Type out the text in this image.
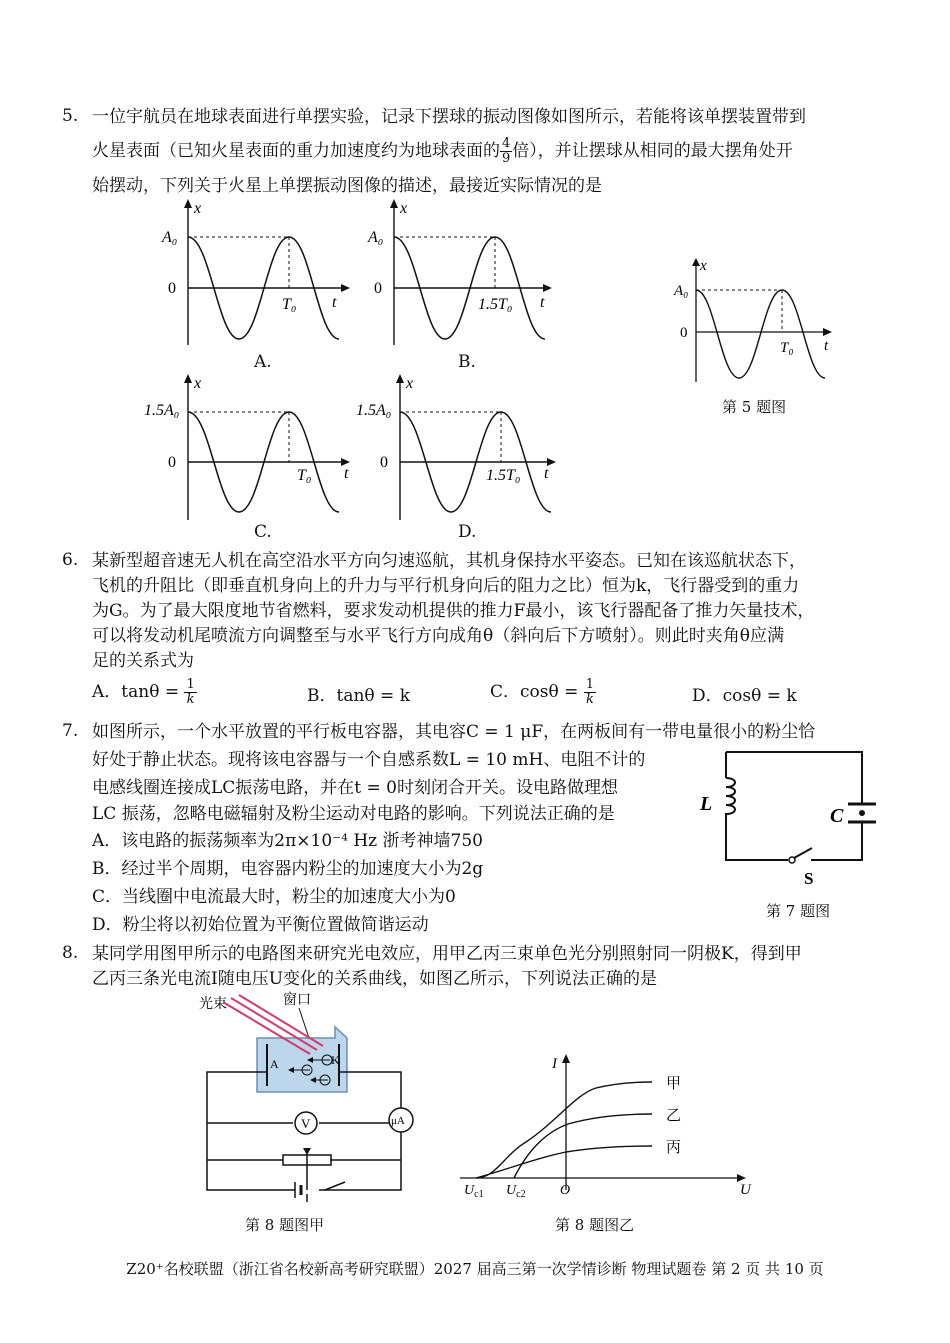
5. 一位宇航员在地球表面进行单摆实验，记录下摆球的振动图像如图所示，若能将该单摆装置带到
火星表面（已知火星表面的重力加速度约为地球表面的 $\frac{4}{9}$ 倍），并让摆球从相同的最大摆角处开
始摆动，下列关于火星上单摆振动图像的描述，最接近实际情况的是
x
A₀
0
T₀ t
A.
x
A₀
0
1.5T₀ t
B.
x
1.5A₀
0
T₀ t
C.
x
1.5A₀
0
1.5T₀ t
D.
x
A₀
0
T₀ t
第 5 题图
6. 某新型超音速无人机在高空沿水平方向匀速巡航，其机身保持水平姿态。已知在该巡航状态下，
飞机的升阻比（即垂直机身向上的升力与平行机身向后的阻力之比）恒为k，飞行器受到的重力
为G。为了最大限度地节省燃料，要求发动机提供的推力F最小，该飞行器配备了推力矢量技术，
可以将发动机尾喷流方向调整至与水平飞行方向成角θ（斜向后下方喷射）。则此时夹角θ应满
足的关系式为
A．$\tan\theta = \frac{1}{k}$	B．tanθ = k	C．$\cos\theta = \frac{1}{k}$	D．cosθ = k
7. 如图所示，一个水平放置的平行板电容器，其电容C = 1 μF，在两板间有一带电量很小的粉尘恰
好处于静止状态。现将该电容器与一个自感系数L = 10 mH、电阻不计的
电感线圈连接成LC振荡电路，并在t = 0时刻闭合开关。设电路做理想
LC 振荡，忽略电磁辐射及粉尘运动对电路的影响。下列说法正确的是
A．该电路的振荡频率为2π×10⁻⁴ Hz 浙考神墙750
B．经过半个周期，电容器内粉尘的加速度大小为2g
C．当线圈中电流最大时，粉尘的加速度大小为0
D．粉尘将以初始位置为平衡位置做简谐运动
L
C
S
第 7 题图
8. 某同学用图甲所示的电路图来研究光电效应，用甲乙丙三束单色光分别照射同一阴极K，得到甲
乙丙三条光电流I随电压U变化的关系曲线，如图乙所示，下列说法正确的是
光束	窗口
A	K
μA
V
第 8 题图甲
甲
乙
丙
I
U
O
$U_{c1}$ $U_{c2}$
第 8 题图乙
Z20⁺名校联盟（浙江省名校新高考研究联盟）2027 届高三第一次学情诊断 物理试题卷 第 2 页 共 10 页
